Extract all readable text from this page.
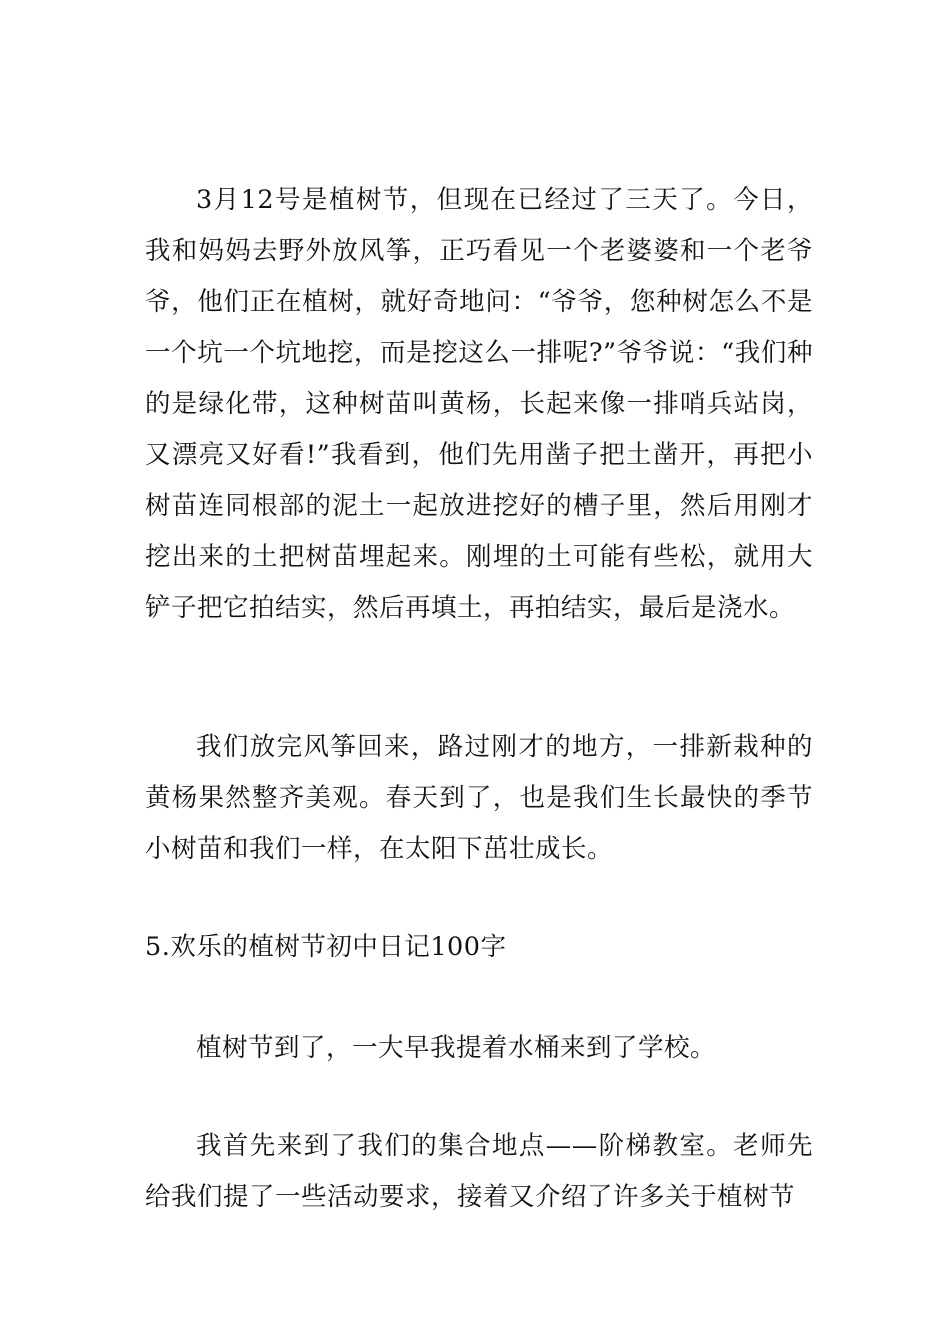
3月12号是植树节，但现在已经过了三天了。今日，我和妈妈去野外放风筝，正巧看见一个老婆婆和一个老爷爷，他们正在植树，就好奇地问：“爷爷，您种树怎么不是一个坑一个坑地挖，而是挖这么一排呢?”爷爷说：“我们种的是绿化带，这种树苗叫黄杨，长起来像一排哨兵站岗，又漂亮又好看!”我看到，他们先用凿子把土凿开，再把小树苗连同根部的泥土一起放进挖好的槽子里，然后用刚才挖出来的土把树苗埋起来。刚埋的土可能有些松，就用大铲子把它拍结实，然后再填土，再拍结实，最后是浇水。

我们放完风筝回来，路过刚才的地方，一排新栽种的黄杨果然整齐美观。春天到了，也是我们生长最快的季节小树苗和我们一样，在太阳下茁壮成长。

5.欢乐的植树节初中日记100字

植树节到了，一大早我提着水桶来到了学校。

我首先来到了我们的集合地点——阶梯教室。老师先给我们提了一些活动要求，接着又介绍了许多关于植树节
